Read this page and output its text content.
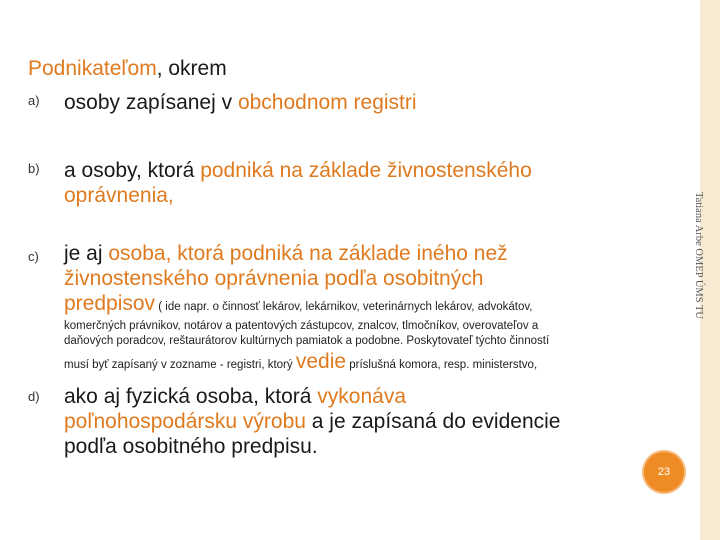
Tatiana Arbe OMEP ÚMS TU
Podnikateľom, okrem
a)	osoby zapísanej v obchodnom registri
b)	a osoby, ktorá podniká na základe živnostenského
oprávnenia,
c)	je aj osoba, ktorá podniká na základe iného než
živnostenského oprávnenia podľa osobitných
predpisov ( ide napr. o činnosť lekárov, lekárnikov, veterinárnych lekárov, advokátov,
komerčných právnikov, notárov a patentových zástupcov, znalcov, tlmočníkov, overovateľov a
daňových poradcov, reštaurátorov kultúrnych pamiatok a podobne. Poskytovateľ týchto činností
musí byť zapísaný v zozname - registri, ktorý vedie príslušná komora, resp. ministerstvo,
d)	ako aj fyzická osoba, ktorá vykonáva
poľnohospodársku výrobu a je zapísaná do evidencie
podľa osobitného predpisu.
23
